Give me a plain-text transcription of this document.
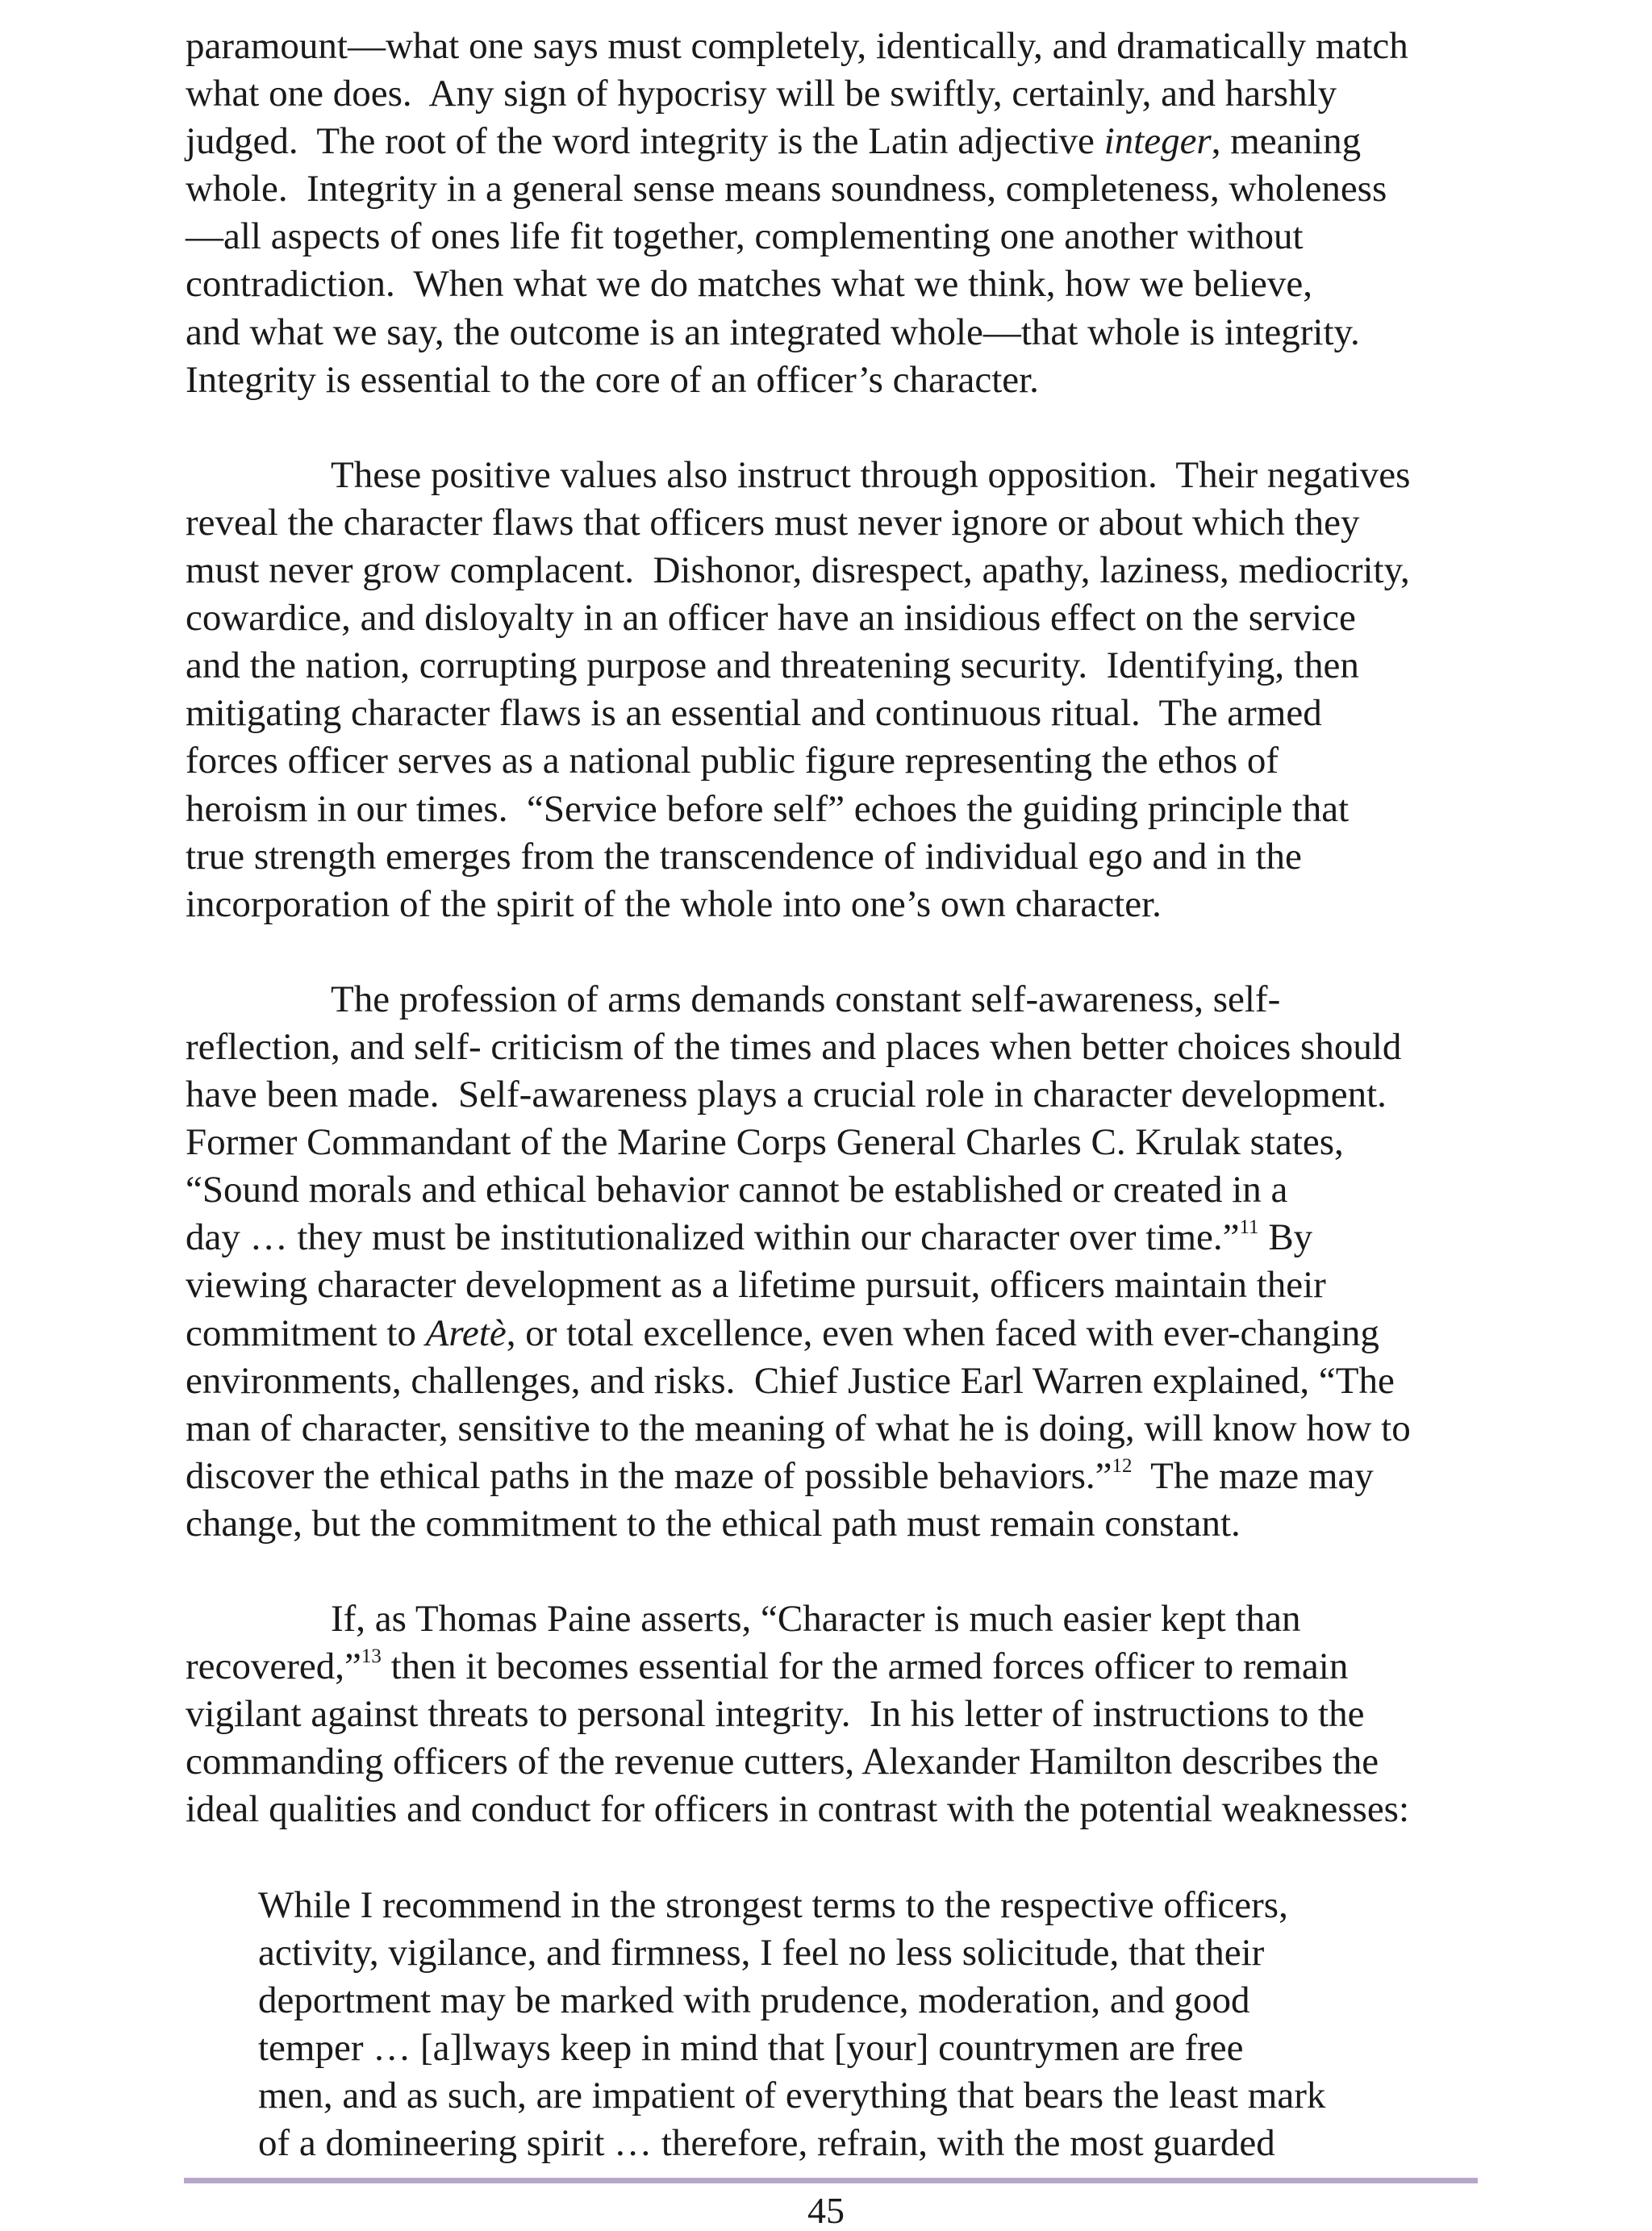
paramount—what one says must completely, identically, and dramatically match
what one does.  Any sign of hypocrisy will be swiftly, certainly, and harshly
judged.  The root of the word integrity is the Latin adjective integer, meaning
whole.  Integrity in a general sense means soundness, completeness, wholeness
—all aspects of ones life fit together, complementing one another without
contradiction.  When what we do matches what we think, how we believe,
and what we say, the outcome is an integrated whole—that whole is integrity.
Integrity is essential to the core of an officer’s character.
These positive values also instruct through opposition.  Their negatives
reveal the character flaws that officers must never ignore or about which they
must never grow complacent.  Dishonor, disrespect, apathy, laziness, mediocrity,
cowardice, and disloyalty in an officer have an insidious effect on the service
and the nation, corrupting purpose and threatening security.  Identifying, then
mitigating character flaws is an essential and continuous ritual.  The armed
forces officer serves as a national public figure representing the ethos of
heroism in our times.  “Service before self” echoes the guiding principle that
true strength emerges from the transcendence of individual ego and in the
incorporation of the spirit of the whole into one’s own character.
The profession of arms demands constant self-awareness, self-
reflection, and self- criticism of the times and places when better choices should
have been made.  Self-awareness plays a crucial role in character development.
Former Commandant of the Marine Corps General Charles C. Krulak states,
“Sound morals and ethical behavior cannot be established or created in a
day … they must be institutionalized within our character over time.”$^{11}$ By
viewing character development as a lifetime pursuit, officers maintain their
commitment to Aretè, or total excellence, even when faced with ever-changing
environments, challenges, and risks.  Chief Justice Earl Warren explained, “The
man of character, sensitive to the meaning of what he is doing, will know how to
discover the ethical paths in the maze of possible behaviors.”$^{12}$  The maze may
change, but the commitment to the ethical path must remain constant.
If, as Thomas Paine asserts, “Character is much easier kept than
recovered,”$^{13}$ then it becomes essential for the armed forces officer to remain
vigilant against threats to personal integrity.  In his letter of instructions to the
commanding officers of the revenue cutters, Alexander Hamilton describes the
ideal qualities and conduct for officers in contrast with the potential weaknesses:
While I recommend in the strongest terms to the respective officers,
activity, vigilance, and firmness, I feel no less solicitude, that their
deportment may be marked with prudence, moderation, and good
temper … [a]lways keep in mind that [your] countrymen are free
men, and as such, are impatient of everything that bears the least mark
of a domineering spirit … therefore, refrain, with the most guarded
45
